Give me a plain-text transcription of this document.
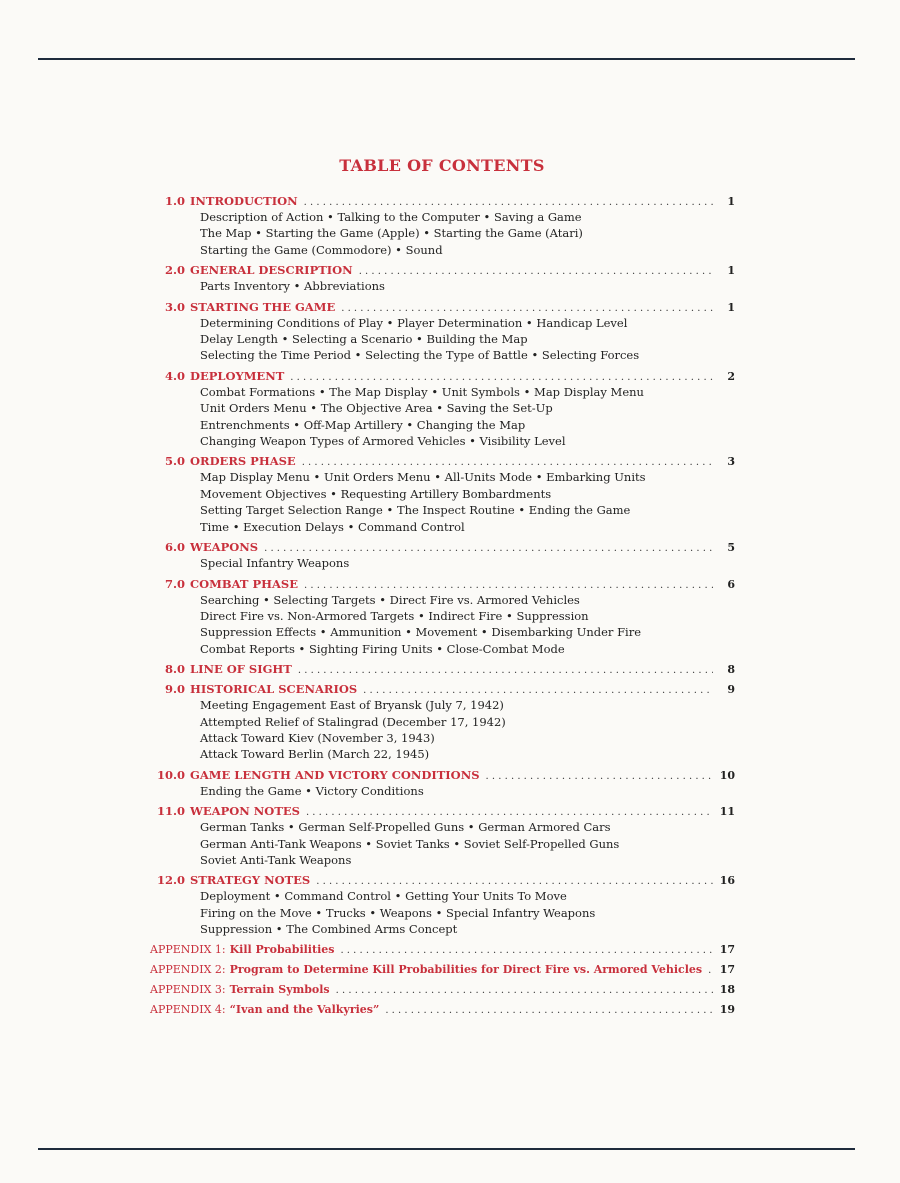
TABLE OF CONTENTS
1.0 INTRODUCTION . . .	1
Description of Action • Talking to the Computer • Saving a Game
The Map • Starting the Game (Apple) • Starting the Game (Atari)
Starting the Game (Commodore) • Sound
2.0 GENERAL DESCRIPTION . . .	1
Parts Inventory • Abbreviations
3.0 STARTING THE GAME . . .	1
Determining Conditions of Play • Player Determination • Handicap Level
Delay Length • Selecting a Scenario • Building the Map
Selecting the Time Period • Selecting the Type of Battle • Selecting Forces
4.0 DEPLOYMENT . . .	2
Combat Formations • The Map Display • Unit Symbols • Map Display Menu
Unit Orders Menu • The Objective Area • Saving the Set-Up
Entrenchments • Off-Map Artillery • Changing the Map
Changing Weapon Types of Armored Vehicles • Visibility Level
5.0 ORDERS PHASE . . .	3
Map Display Menu • Unit Orders Menu • All-Units Mode • Embarking Units
Movement Objectives • Requesting Artillery Bombardments
Setting Target Selection Range • The Inspect Routine • Ending the Game
Time • Execution Delays • Command Control
6.0 WEAPONS . . .	5
Special Infantry Weapons
7.0 COMBAT PHASE . . .	6
Searching • Selecting Targets • Direct Fire vs. Armored Vehicles
Direct Fire vs. Non-Armored Targets • Indirect Fire • Suppression
Suppression Effects • Ammunition • Movement • Disembarking Under Fire
Combat Reports • Sighting Firing Units • Close-Combat Mode
8.0 LINE OF SIGHT . . .	8
9.0 HISTORICAL SCENARIOS . . .	9
Meeting Engagement East of Bryansk (July 7, 1942)
Attempted Relief of Stalingrad (December 17, 1942)
Attack Toward Kiev (November 3, 1943)
Attack Toward Berlin (March 22, 1945)
10.0 GAME LENGTH AND VICTORY CONDITIONS . . .	10
Ending the Game • Victory Conditions
11.0 WEAPON NOTES . . .	11
German Tanks • German Self-Propelled Guns • German Armored Cars
German Anti-Tank Weapons • Soviet Tanks • Soviet Self-Propelled Guns
Soviet Anti-Tank Weapons
12.0 STRATEGY NOTES . . .	16
Deployment • Command Control • Getting Your Units To Move
Firing on the Move • Trucks • Weapons • Special Infantry Weapons
Suppression • The Combined Arms Concept
APPENDIX 1: Kill Probabilities . . .	17
APPENDIX 2: Program to Determine Kill Probabilities for Direct Fire vs. Armored Vehicles . . .	17
APPENDIX 3: Terrain Symbols . . .	18
APPENDIX 4: “Ivan and the Valkyries” . . .	19
